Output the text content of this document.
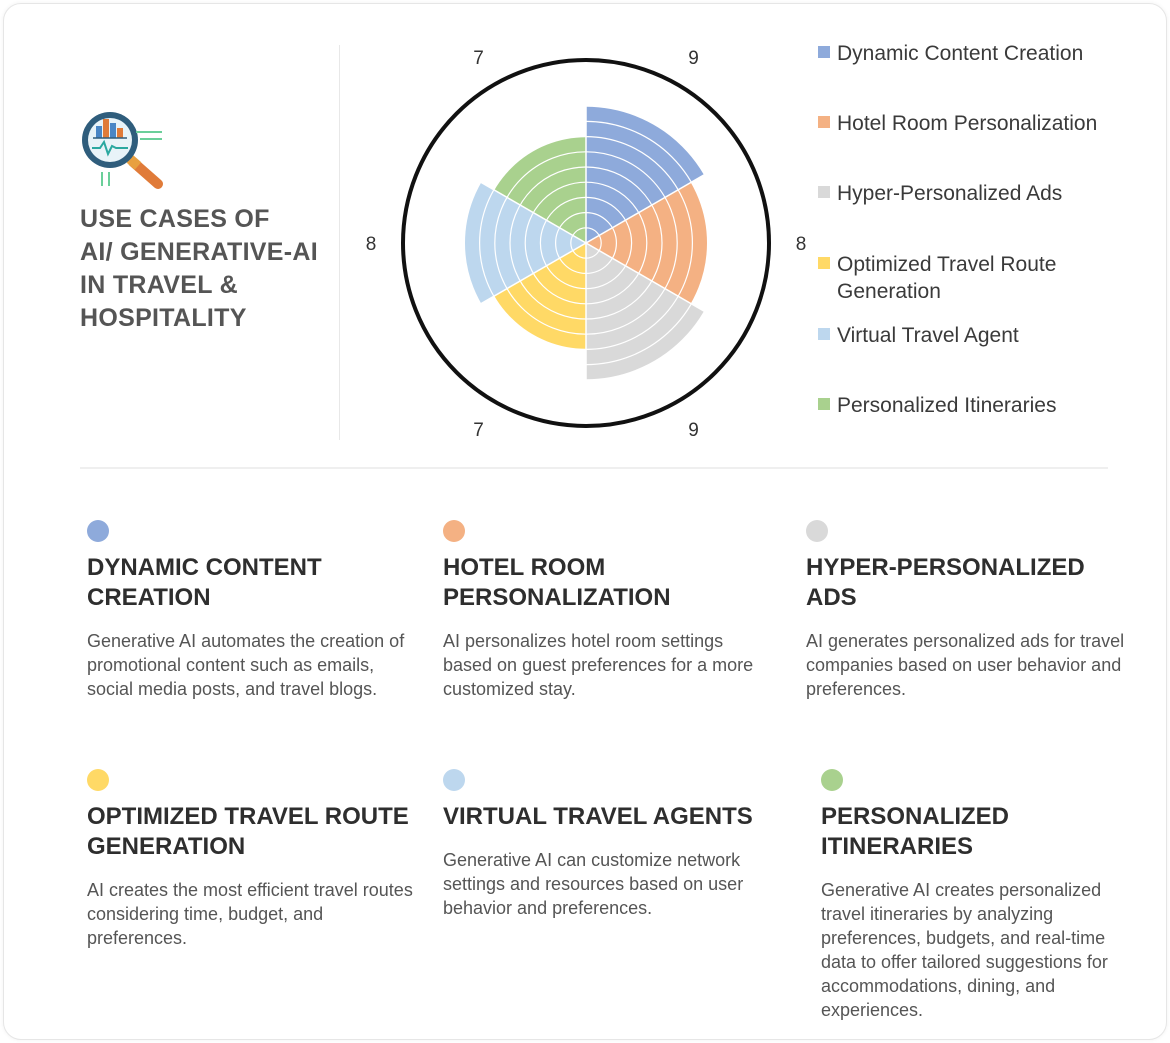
USE CASES OF
AI/ GENERATIVE-AI
IN TRAVEL &
HOSPITALITY
9
8
9
7
8
7	Dynamic Content Creation
Hotel Room Personalization
Hyper-Personalized Ads
Optimized Travel Route Generation
Virtual Travel Agent
Personalized Itineraries
DYNAMIC CONTENT CREATION
Generative AI automates the creation of promotional content such as emails, social media posts, and travel blogs.
HOTEL ROOM PERSONALIZATION
AI personalizes hotel room settings based on guest preferences for a more customized stay.
HYPER-PERSONALIZED ADS
AI generates personalized ads for travel companies based on user behavior and preferences.
OPTIMIZED TRAVEL ROUTE GENERATION
AI creates the most efficient travel routes considering time, budget, and preferences.
VIRTUAL TRAVEL AGENTS
Generative AI can customize network settings and resources based on user behavior and preferences.
PERSONALIZED ITINERARIES
Generative AI creates personalized travel itineraries by analyzing preferences, budgets, and real-time data to offer tailored suggestions for accommodations, dining, and experiences.
